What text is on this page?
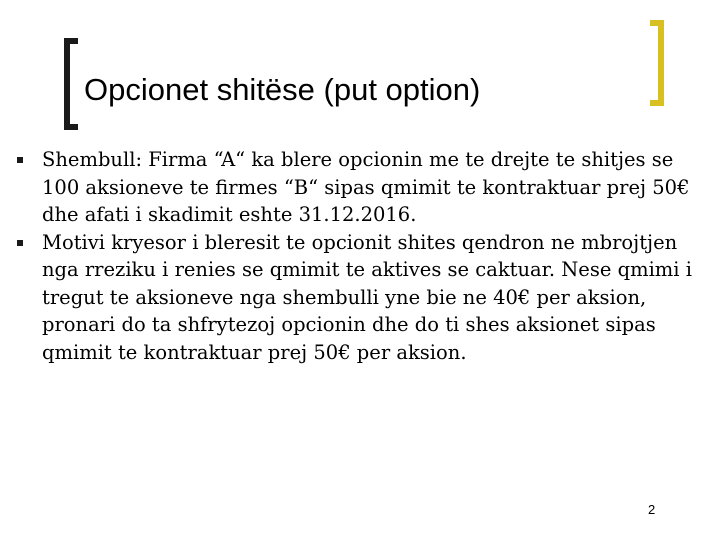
Opcionet shitëse (put option)
Shembull: Firma “A“ ka blere opcionin me te drejte te shitjes se 100 aksioneve te firmes “B“ sipas qmimit te kontraktuar prej 50€ dhe afati i skadimit eshte 31.12.2016.
Motivi kryesor i bleresit te opcionit shites qendron ne mbrojtjen nga rreziku i renies se qmimit te aktives se caktuar. Nese qmimi i tregut te aksioneve nga shembulli yne bie ne 40€ per aksion, pronari do ta shfrytezoj opcionin dhe do ti shes aksionet sipas qmimit te kontraktuar prej 50€ per aksion.
2
